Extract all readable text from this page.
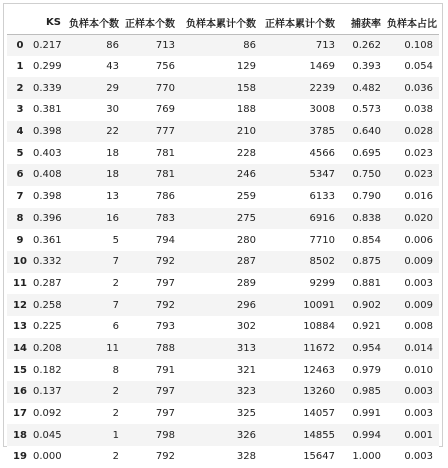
	KS	负样本个数	正样本个数	负样本累计个数	正样本累计个数	捕获率	负样本占比
0	0.217	86	713	86	713	0.262	0.108
1	0.299	43	756	129	1469	0.393	0.054
2	0.339	29	770	158	2239	0.482	0.036
3	0.381	30	769	188	3008	0.573	0.038
4	0.398	22	777	210	3785	0.640	0.028
5	0.403	18	781	228	4566	0.695	0.023
6	0.408	18	781	246	5347	0.750	0.023
7	0.398	13	786	259	6133	0.790	0.016
8	0.396	16	783	275	6916	0.838	0.020
9	0.361	5	794	280	7710	0.854	0.006
10	0.332	7	792	287	8502	0.875	0.009
11	0.287	2	797	289	9299	0.881	0.003
12	0.258	7	792	296	10091	0.902	0.009
13	0.225	6	793	302	10884	0.921	0.008
14	0.208	11	788	313	11672	0.954	0.014
15	0.182	8	791	321	12463	0.979	0.010
16	0.137	2	797	323	13260	0.985	0.003
17	0.092	2	797	325	14057	0.991	0.003
18	0.045	1	798	326	14855	0.994	0.001
19	0.000	2	792	328	15647	1.000	0.003
